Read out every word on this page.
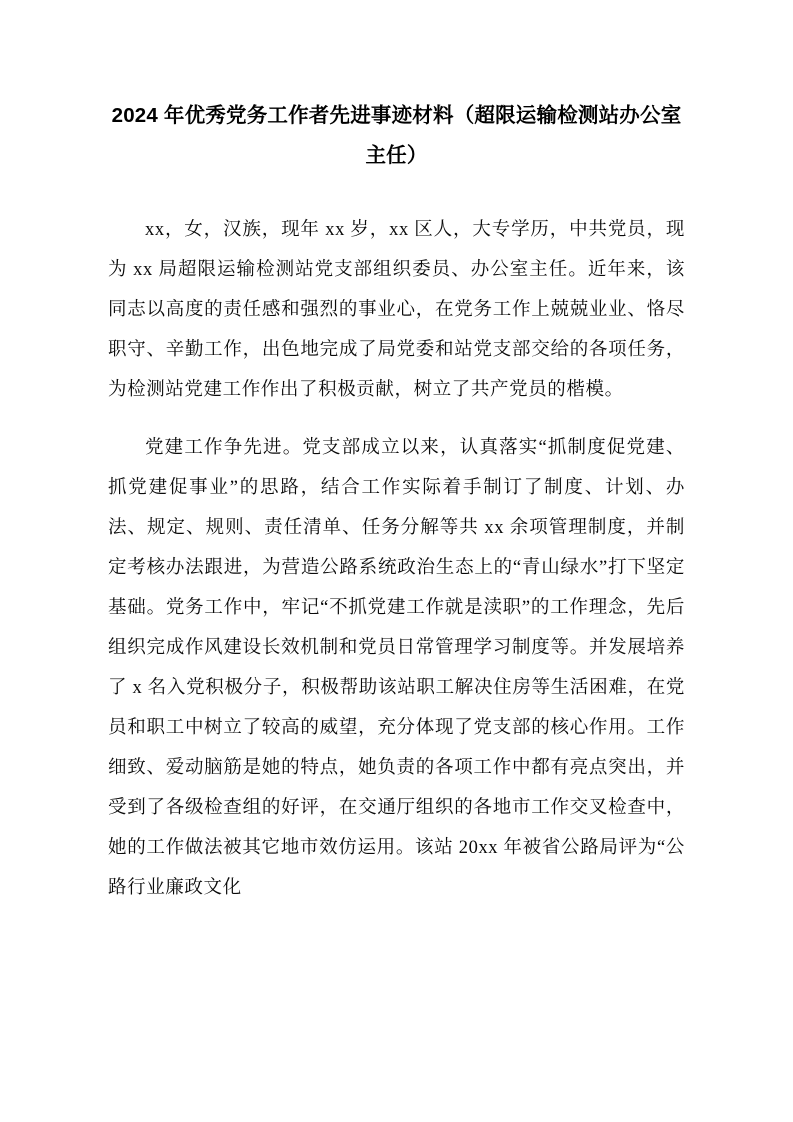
2024 年优秀党务工作者先进事迹材料（超限运输检测站办公室主任）

xx，女，汉族，现年 xx 岁，xx 区人，大专学历，中共党员，现为 xx 局超限运输检测站党支部组织委员、办公室主任。近年来，该同志以高度的责任感和强烈的事业心，在党务工作上兢兢业业、恪尽职守、辛勤工作，出色地完成了局党委和站党支部交给的各项任务，为检测站党建工作作出了积极贡献，树立了共产党员的楷模。

党建工作争先进。党支部成立以来，认真落实“抓制度促党建、抓党建促事业”的思路，结合工作实际着手制订了制度、计划、办法、规定、规则、责任清单、任务分解等共 xx 余项管理制度，并制定考核办法跟进，为营造公路系统政治生态上的“青山绿水”打下坚定基础。党务工作中，牢记“不抓党建工作就是渎职”的工作理念，先后组织完成作风建设长效机制和党员日常管理学习制度等。并发展培养了 x 名入党积极分子，积极帮助该站职工解决住房等生活困难，在党员和职工中树立了较高的威望，充分体现了党支部的核心作用。工作细致、爱动脑筋是她的特点，她负责的各项工作中都有亮点突出，并受到了各级检查组的好评，在交通厅组织的各地市工作交叉检查中，她的工作做法被其它地市效仿运用。该站 20xx 年被省公路局评为“公路行业廉政文化
